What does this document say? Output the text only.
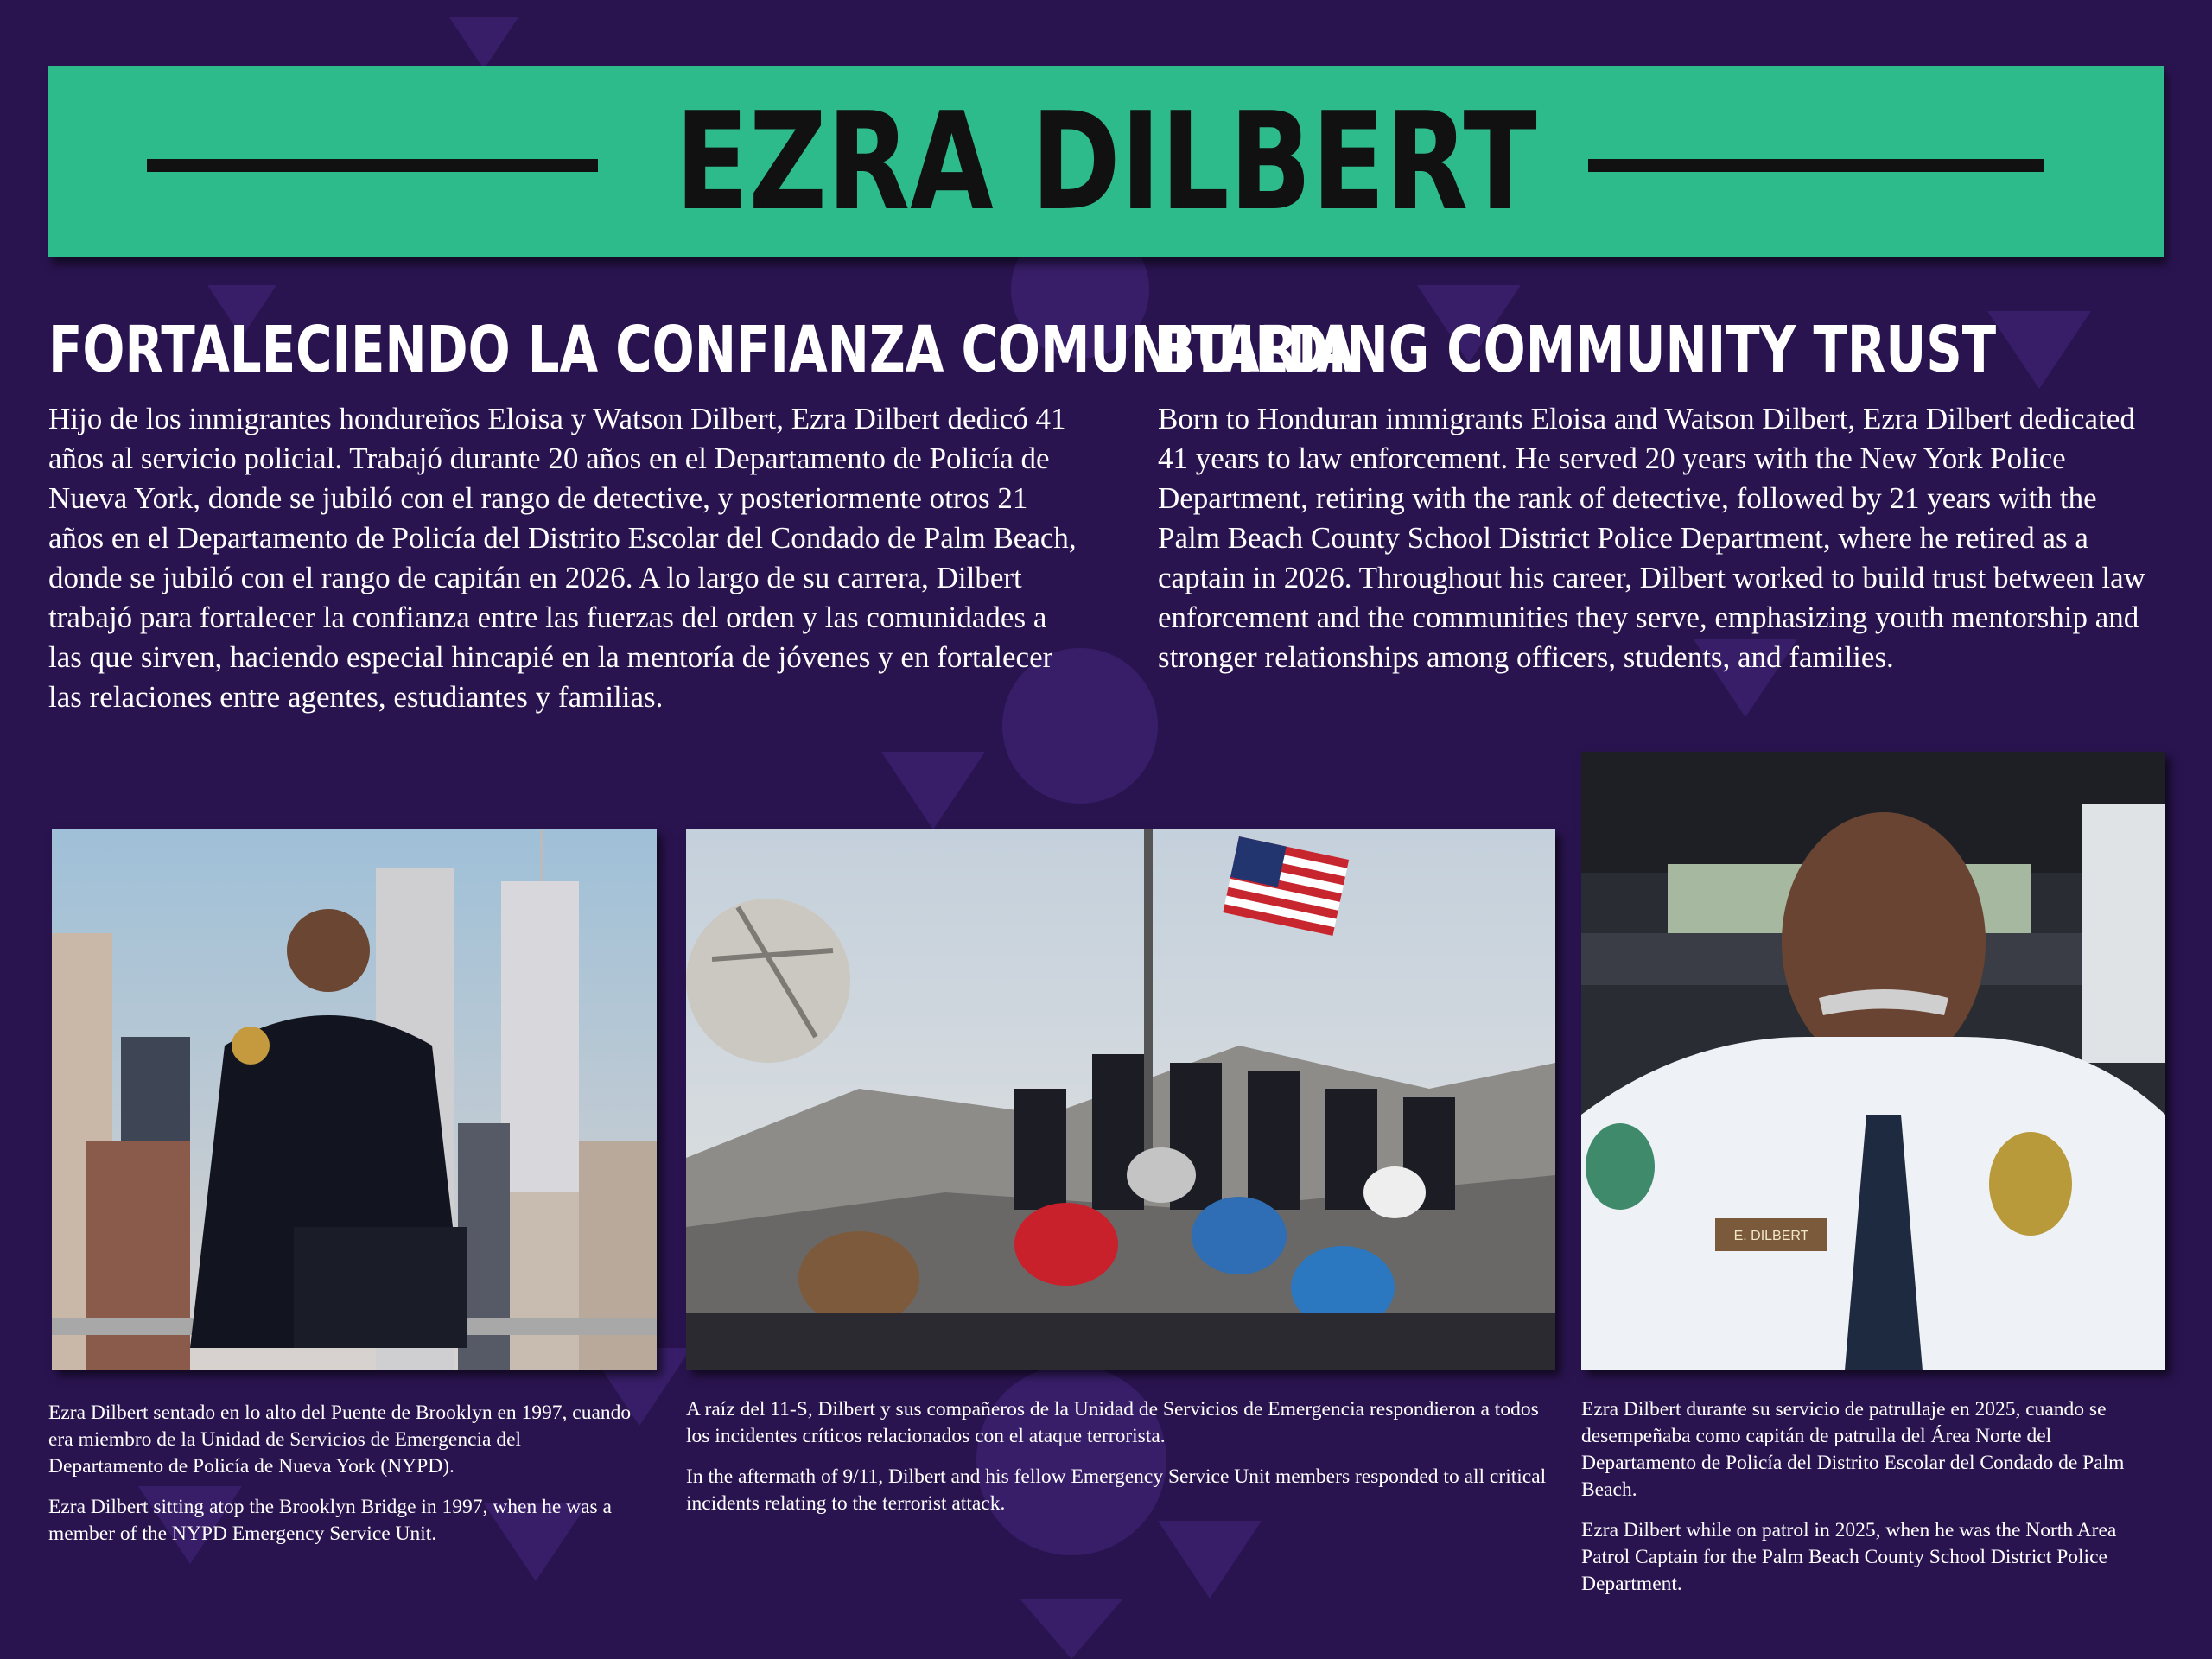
EZRA DILBERT
FORTALECIENDO LA CONFIANZA COMUNITARIA
Hijo de los inmigrantes hondureños Eloisa y Watson Dilbert, Ezra Dilbert dedicó 41 años al servicio policial. Trabajó durante 20 años en el Departamento de Policía de Nueva York, donde se jubiló con el rango de detective, y posteriormente otros 21 años en el Departamento de Policía del Distrito Escolar del Condado de Palm Beach, donde se jubiló con el rango de capitán en 2026. A lo largo de su carrera, Dilbert trabajó para fortalecer la confianza entre las fuerzas del orden y las comunidades a las que sirven, haciendo especial hincapié en la mentoría de jóvenes y en fortalecer las relaciones entre agentes, estudiantes y familias.
BUILDING COMMUNITY TRUST
Born to Honduran immigrants Eloisa and Watson Dilbert, Ezra Dilbert dedicated 41 years to law enforcement. He served 20 years with the New York Police Department, retiring with the rank of detective, followed by 21 years with the Palm Beach County School District Police Department, where he retired as a captain in 2026. Throughout his career, Dilbert worked to build trust between law enforcement and the communities they serve, emphasizing youth mentorship and stronger relationships among officers, students, and families.
E. DILBERT

Ezra Dilbert sentado en lo alto del Puente de Brooklyn en 1997, cuando era miembro de la Unidad de Servicios de Emergencia del Departamento de Policía de Nueva York (NYPD).

Ezra Dilbert sitting atop the Brooklyn Bridge in 1997, when he was a member of the NYPD Emergency Service Unit.

A raíz del 11-S, Dilbert y sus compañeros de la Unidad de Servicios de Emergencia respondieron a todos los incidentes críticos relacionados con el ataque terrorista.

In the aftermath of 9/11, Dilbert and his fellow Emergency Service Unit members responded to all critical incidents relating to the terrorist attack.

Ezra Dilbert durante su servicio de patrullaje en 2025, cuando se desempeñaba como capitán de patrulla del Área Norte del Departamento de Policía del Distrito Escolar del Condado de Palm Beach.

Ezra Dilbert while on patrol in 2025, when he was the North Area Patrol Captain for the Palm Beach County School District Police Department.
